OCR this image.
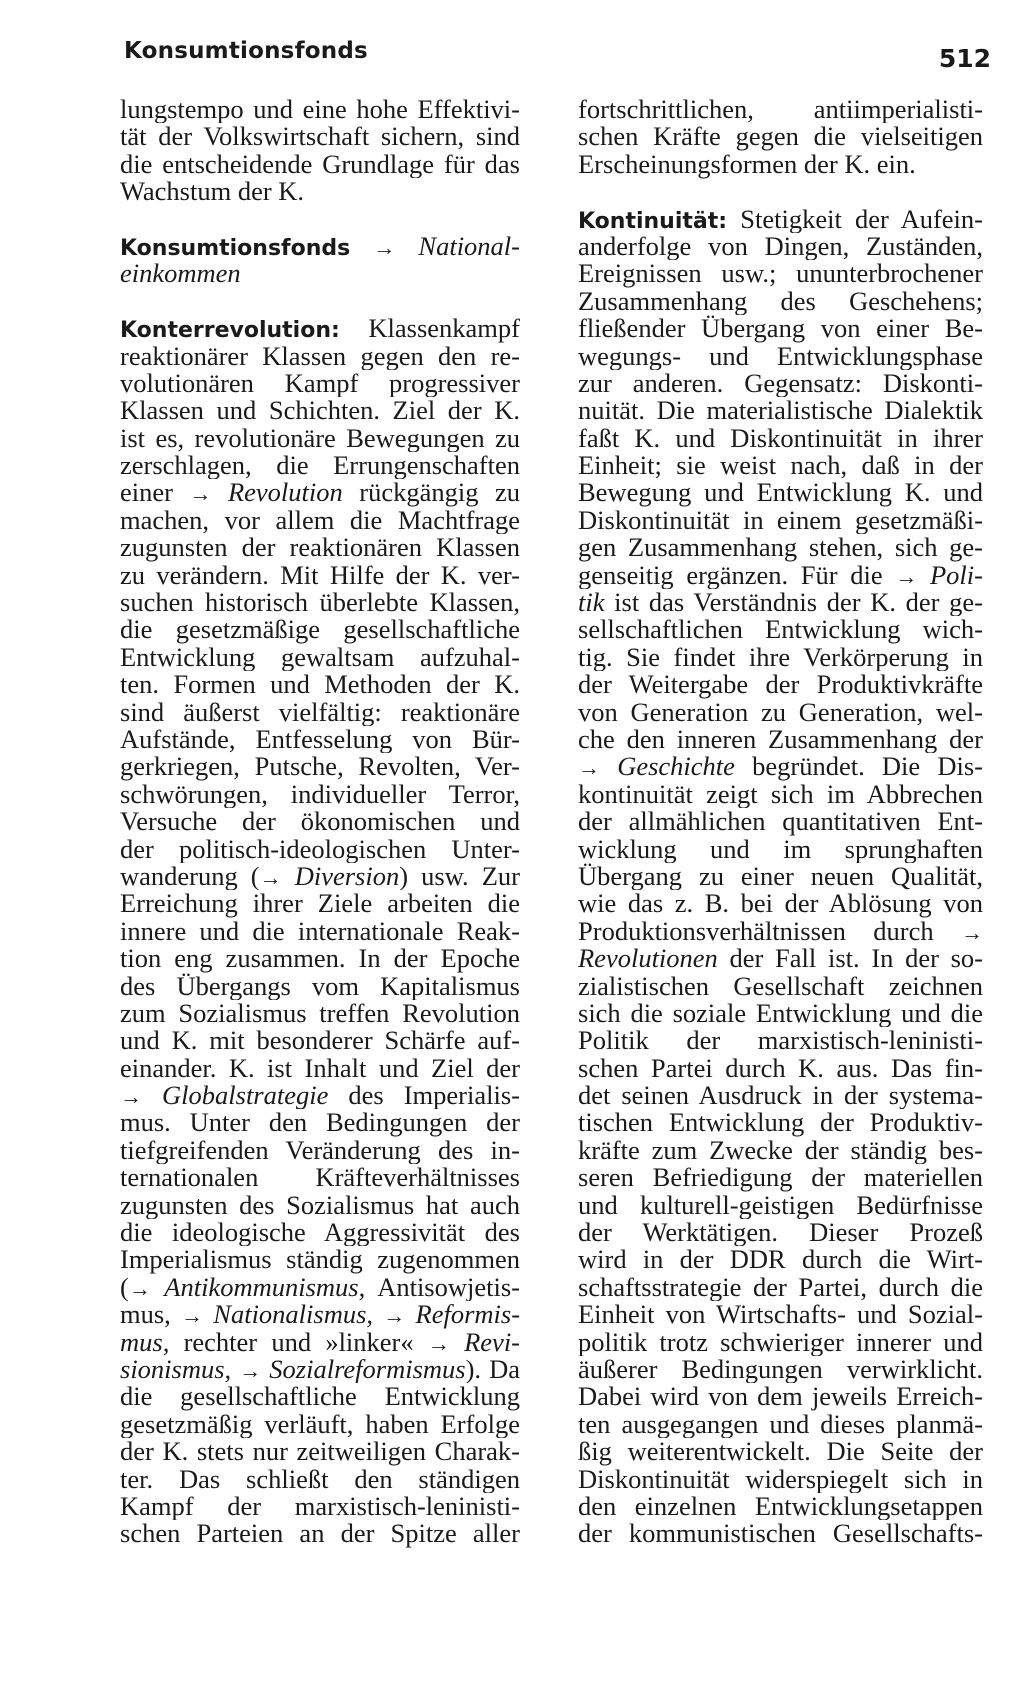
Konsumtionsfonds	512
lungstempo und eine hohe Effektivi-
tät der Volkswirtschaft sichern, sind
die entscheidende Grundlage für das
Wachstum der K.
Konsumtionsfonds → National-
einkommen
Konterrevolution: Klassenkampf
reaktionärer Klassen gegen den re-
volutionären Kampf progressiver
Klassen und Schichten. Ziel der K.
ist es, revolutionäre Bewegungen zu
zerschlagen, die Errungenschaften
einer → Revolution rückgängig zu
machen, vor allem die Machtfrage
zugunsten der reaktionären Klassen
zu verändern. Mit Hilfe der K. ver-
suchen historisch überlebte Klassen,
die gesetzmäßige gesellschaftliche
Entwicklung gewaltsam aufzuhal-
ten. Formen und Methoden der K.
sind äußerst vielfältig: reaktionäre
Aufstände, Entfesselung von Bür-
gerkriegen, Putsche, Revolten, Ver-
schwörungen, individueller Terror,
Versuche der ökonomischen und
der politisch-ideologischen Unter-
wanderung (→ Diversion) usw. Zur
Erreichung ihrer Ziele arbeiten die
innere und die internationale Reak-
tion eng zusammen. In der Epoche
des Übergangs vom Kapitalismus
zum Sozialismus treffen Revolution
und K. mit besonderer Schärfe auf-
einander. K. ist Inhalt und Ziel der
→ Globalstrategie des Imperialis-
mus. Unter den Bedingungen der
tiefgreifenden Veränderung des in-
ternationalen Kräfteverhältnisses
zugunsten des Sozialismus hat auch
die ideologische Aggressivität des
Imperialismus ständig zugenommen
(→ Antikommunismus, Antisowjetis-
mus, → Nationalismus, → Reformis-
mus, rechter und »linker« → Revi-
sionismus, → Sozialreformismus). Da
die gesellschaftliche Entwicklung
gesetzmäßig verläuft, haben Erfolge
der K. stets nur zeitweiligen Charak-
ter. Das schließt den ständigen
Kampf der marxistisch-leninisti-
schen Parteien an der Spitze aller
fortschrittlichen, antiimperialisti-
schen Kräfte gegen die vielseitigen
Erscheinungsformen der K. ein.
Kontinuität: Stetigkeit der Aufein-
anderfolge von Dingen, Zuständen,
Ereignissen usw.; ununterbrochener
Zusammenhang des Geschehens;
fließender Übergang von einer Be-
wegungs- und Entwicklungsphase
zur anderen. Gegensatz: Diskonti-
nuität. Die materialistische Dialektik
faßt K. und Diskontinuität in ihrer
Einheit; sie weist nach, daß in der
Bewegung und Entwicklung K. und
Diskontinuität in einem gesetzmäßi-
gen Zusammenhang stehen, sich ge-
genseitig ergänzen. Für die → Poli-
tik ist das Verständnis der K. der ge-
sellschaftlichen Entwicklung wich-
tig. Sie findet ihre Verkörperung in
der Weitergabe der Produktivkräfte
von Generation zu Generation, wel-
che den inneren Zusammenhang der
→ Geschichte begründet. Die Dis-
kontinuität zeigt sich im Abbrechen
der allmählichen quantitativen Ent-
wicklung und im sprunghaften
Übergang zu einer neuen Qualität,
wie das z. B. bei der Ablösung von
Produktionsverhältnissen durch →
Revolutionen der Fall ist. In der so-
zialistischen Gesellschaft zeichnen
sich die soziale Entwicklung und die
Politik der marxistisch-leninisti-
schen Partei durch K. aus. Das fin-
det seinen Ausdruck in der systema-
tischen Entwicklung der Produktiv-
kräfte zum Zwecke der ständig bes-
seren Befriedigung der materiellen
und kulturell-geistigen Bedürfnisse
der Werktätigen. Dieser Prozeß
wird in der DDR durch die Wirt-
schaftsstrategie der Partei, durch die
Einheit von Wirtschafts- und Sozial-
politik trotz schwieriger innerer und
äußerer Bedingungen verwirklicht.
Dabei wird von dem jeweils Erreich-
ten ausgegangen und dieses planmä-
ßig weiterentwickelt. Die Seite der
Diskontinuität widerspiegelt sich in
den einzelnen Entwicklungsetappen
der kommunistischen Gesellschafts-
